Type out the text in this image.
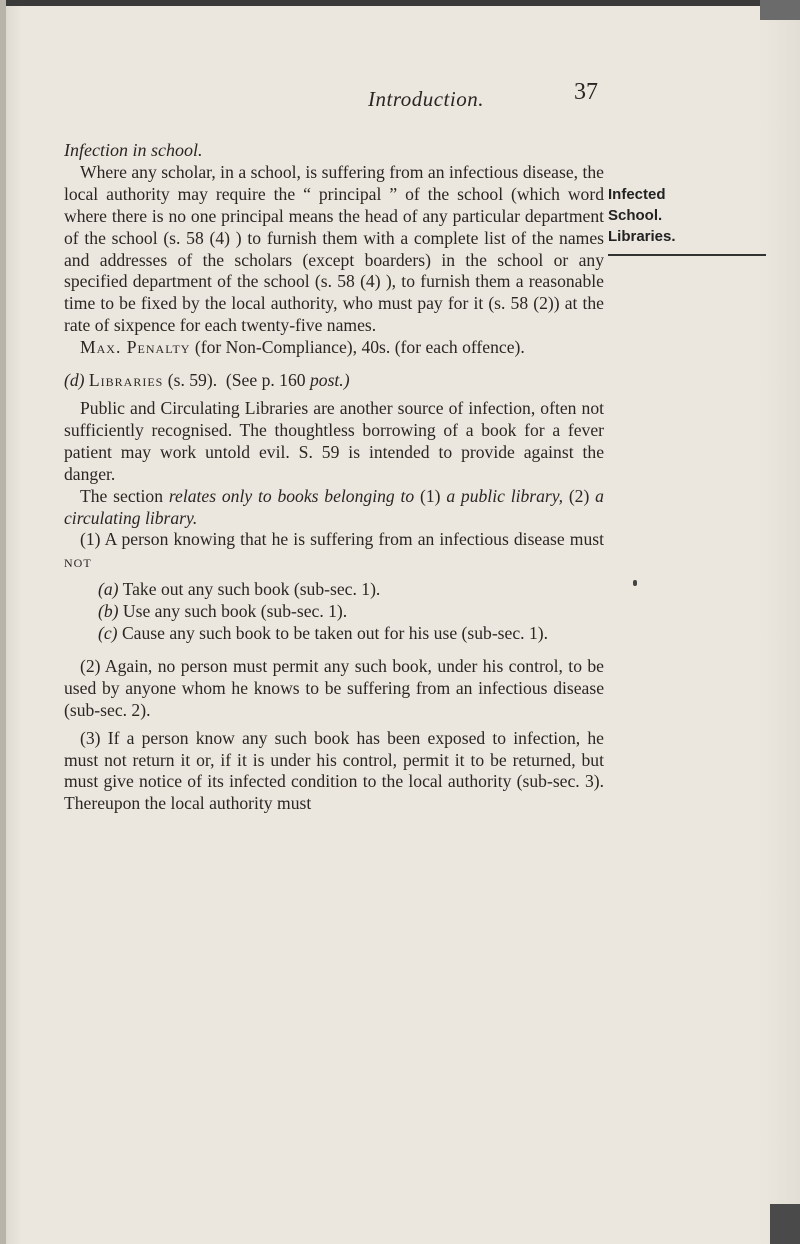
Introduction.	37
Infected
School.
Libraries.

Infection in school.

Where any scholar, in a school, is suffering from an infectious disease, the local authority may require the “ principal ” of the school (which word where there is no one principal means the head of any particular department of the school (s. 58 (4) ) to furnish them with a complete list of the names and addresses of the scholars (except boarders) in the school or any specified department of the school (s. 58 (4) ), to furnish them a reasonable time to be fixed by the local authority, who must pay for it (s. 58 (2)) at the rate of sixpence for each twenty-five names.

Max. Penalty (for Non-Compliance), 40s. (for each offence).

(d) Libraries (s. 59). (See p. 160 post.)

Public and Circulating Libraries are another source of infection, often not sufficiently recognised. The thoughtless borrowing of a book for a fever patient may work untold evil. S. 59 is intended to provide against the danger.

The section relates only to books belonging to (1) a public library, (2) a circulating library.

(1) A person knowing that he is suffering from an infectious disease must not

(a) Take out any such book (sub-sec. 1).
(b) Use any such book (sub-sec. 1).
(c) Cause any such book to be taken out for his use (sub-sec. 1).

(2) Again, no person must permit any such book, under his control, to be used by anyone whom he knows to be suffering from an infectious disease (sub-sec. 2).

(3) If a person know any such book has been exposed to infection, he must not return it or, if it is under his control, permit it to be returned, but must give notice of its infected condition to the local authority (sub-sec. 3). Thereupon the local authority must
